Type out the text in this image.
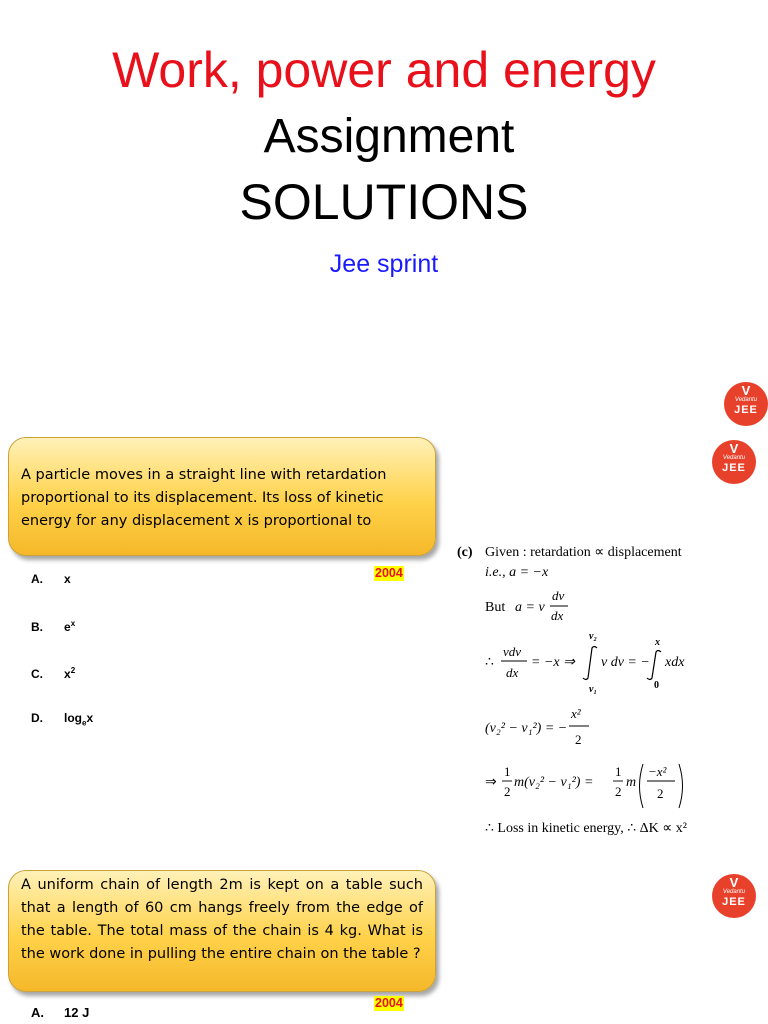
Work, power and energy
Assignment
SOLUTIONS
Jee sprint
V
Vedantu
JEE
V
Vedantu
JEE
V
Vedantu
JEE
A particle moves in a straight line with retardation proportional to its displacement. Its loss of kinetic energy for any displacement x is proportional to
2004
A. x
B. $e^x$
C. $x^2$
D. $\log_ex$
(c) Given : retardation ∝ displacement
i.e., a = −x
But a = v
dv
dx
∴
vdv
dx
= −x ⇒
v₂
v₁
v dv = −
x
0
xdx
(v₂² − v₁²) = −
x²
2
⇒
1
2
m(v₂² − v₁²) =
1
2
m
−x²
2
∴ Loss in kinetic energy, ∴ ΔK ∝ x²
A uniform chain of length 2m is kept on a table such that a length of 60 cm hangs freely from the edge of the table. The total mass of the chain is 4 kg. What is the work done in pulling the entire chain on the table ?
2004
A. 12 J
